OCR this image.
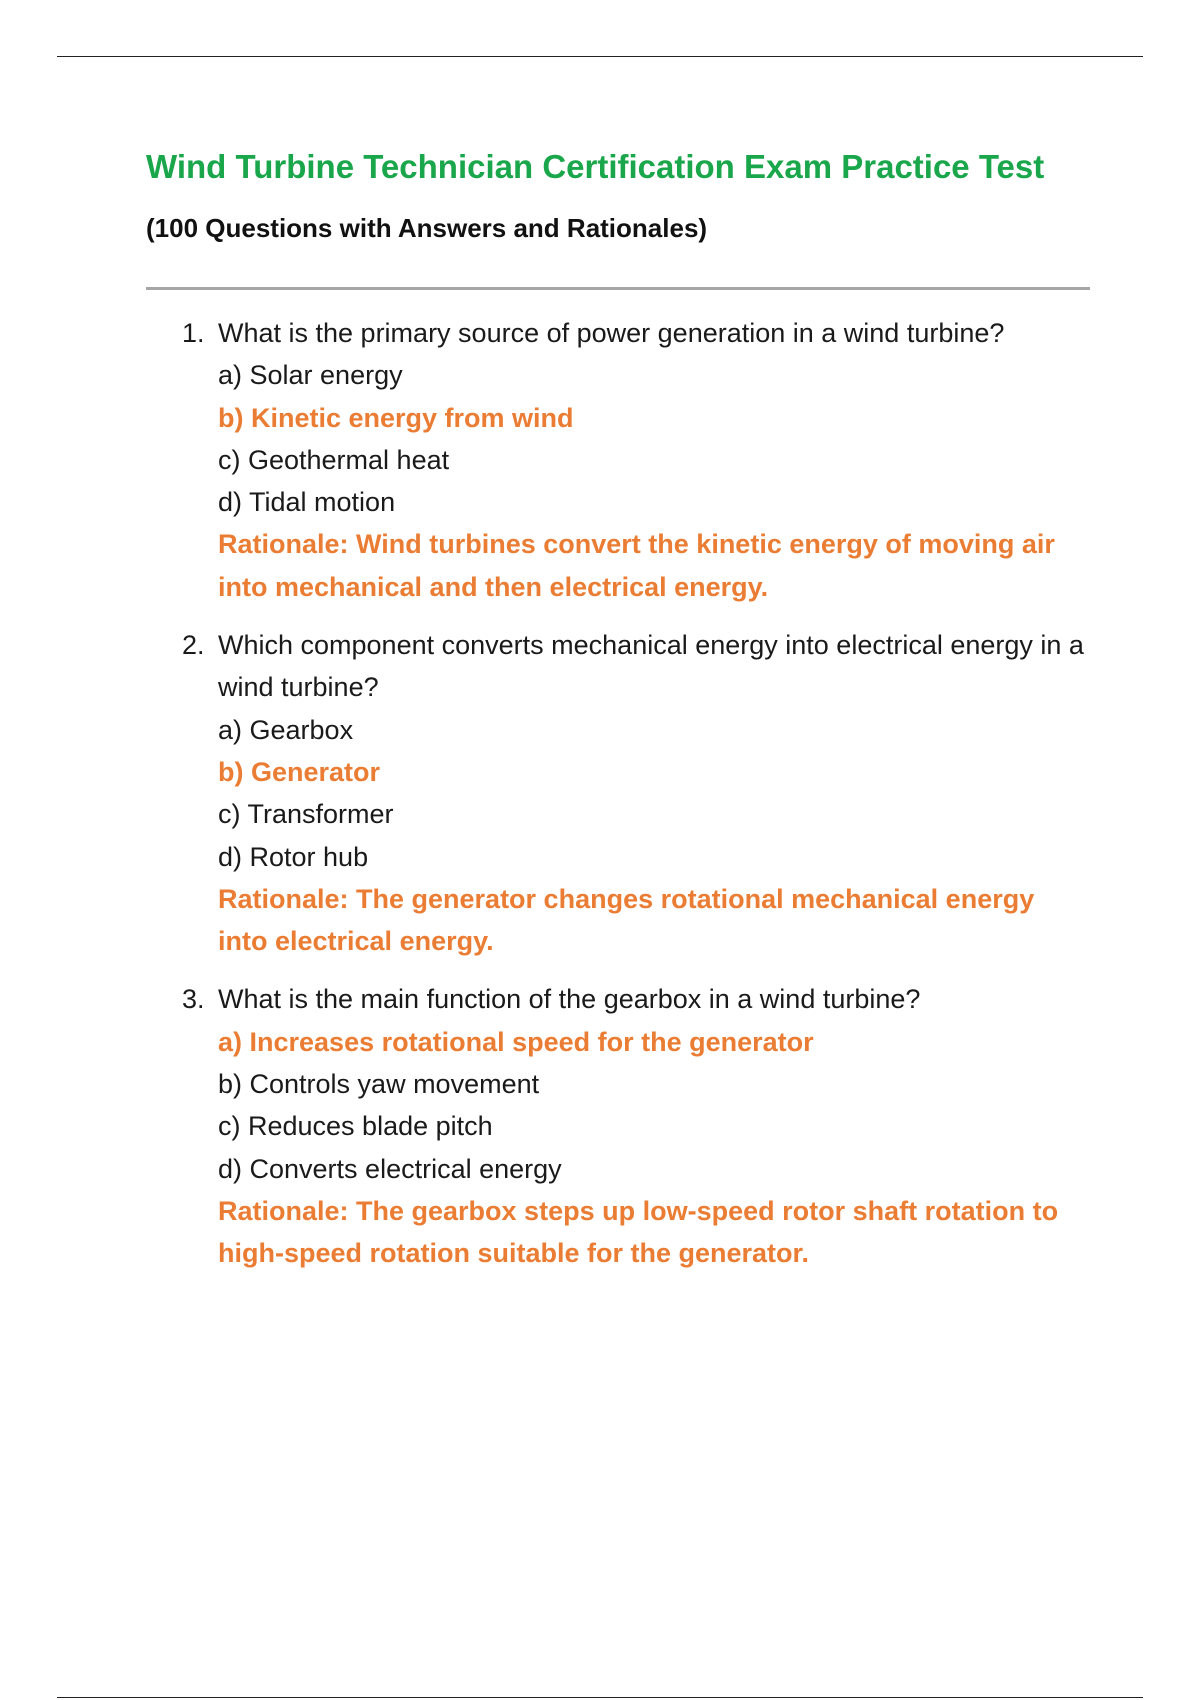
Wind Turbine Technician Certification Exam Practice Test

(100 Questions with Answers and Rationales)

1. What is the primary source of power generation in a wind turbine?
a) Solar energy
b) Kinetic energy from wind
c) Geothermal heat
d) Tidal motion
Rationale: Wind turbines convert the kinetic energy of moving air into mechanical and then electrical energy.
2. Which component converts mechanical energy into electrical energy in a wind turbine?
a) Gearbox
b) Generator
c) Transformer
d) Rotor hub
Rationale: The generator changes rotational mechanical energy into electrical energy.
3. What is the main function of the gearbox in a wind turbine?
a) Increases rotational speed for the generator
b) Controls yaw movement
c) Reduces blade pitch
d) Converts electrical energy
Rationale: The gearbox steps up low-speed rotor shaft rotation to high-speed rotation suitable for the generator.
